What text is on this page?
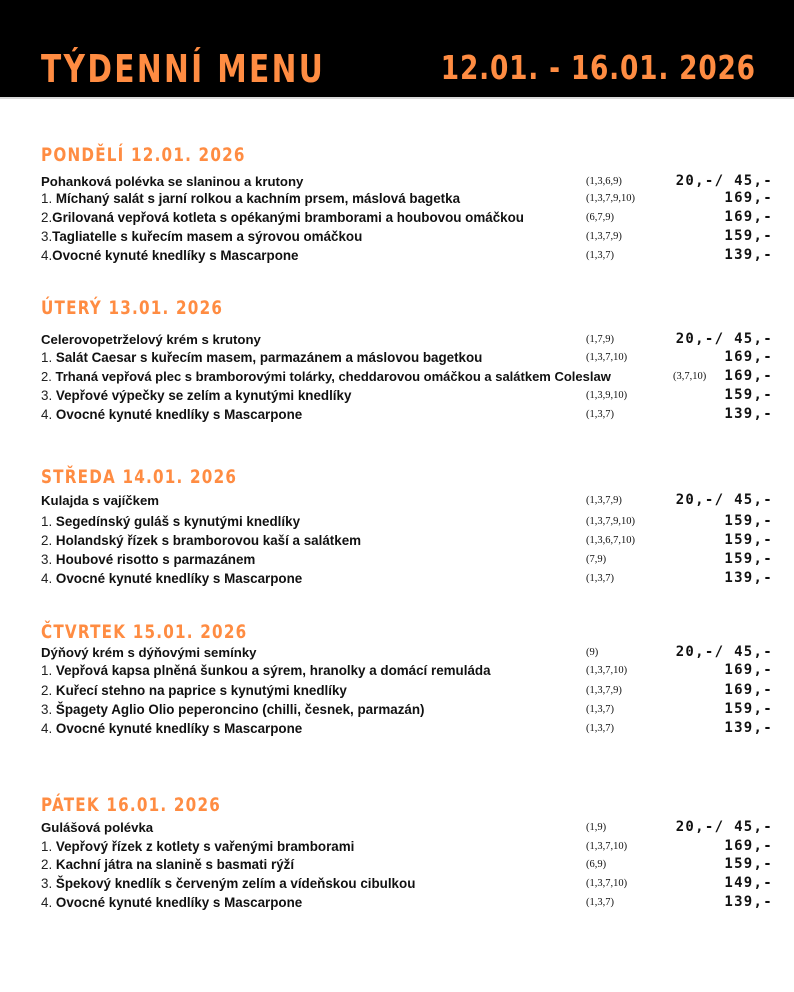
TÝDENNÍ MENU	12.01. - 16.01. 2026
PONDĚLÍ 12.01. 2026
Pohanková polévka se slaninou a krutony	(1,3,6,9)	20,-/ 45,-
1. Míchaný salát s jarní rolkou a kachním prsem, máslová bagetka	(1,3,7,9,10)	169,-
2.Grilovaná vepřová kotleta s opékanými bramborami a houbovou omáčkou	(6,7,9)	169,-
3.Tagliatelle s kuřecím masem a sýrovou omáčkou	(1,3,7,9)	159,-
4.Ovocné kynuté knedlíky s Mascarpone	(1,3,7)	139,-
ÚTERÝ 13.01. 2026
Celerovopetrželový krém s krutony	(1,7,9)	20,-/ 45,-
1. Salát Caesar s kuřecím masem, parmazánem a máslovou bagetkou	(1,3,7,10)	169,-
2. Trhaná vepřová plec s bramborovými tolárky, cheddarovou omáčkou a salátkem Coleslaw	(3,7,10) 169,-
3. Vepřové výpečky se zelím a kynutými knedlíky	(1,3,9,10)	159,-
4. Ovocné kynuté knedlíky s Mascarpone	(1,3,7)	139,-
STŘEDA 14.01. 2026
Kulajda s vajíčkem	(1,3,7,9)	20,-/ 45,-
1. Segedínský guláš s kynutými knedlíky	(1,3,7,9,10)	159,-
2. Holandský řízek s bramborovou kaší a salátkem	(1,3,6,7,10)	159,-
3. Houbové risotto s parmazánem	(7,9)	159,-
4. Ovocné kynuté knedlíky s Mascarpone	(1,3,7)	139,-
ČTVRTEK 15.01. 2026
Dýňový krém s dýňovými semínky	(9)	20,-/ 45,-
1. Vepřová kapsa plněná šunkou a sýrem, hranolky a domácí remuláda	(1,3,7,10)	169,-
2. Kuřecí stehno na paprice s kynutými knedlíky	(1,3,7,9)	169,-
3. Špagety Aglio Olio peperoncino (chilli, česnek, parmazán)	(1,3,7)	159,-
4. Ovocné kynuté knedlíky s Mascarpone	(1,3,7)	139,-
PÁTEK 16.01. 2026
Gulášová polévka	(1,9)	20,-/ 45,-
1. Vepřový řízek z kotlety s vařenými bramborami	(1,3,7,10)	169,-
2. Kachní játra na slanině s basmati rýží	(6,9)	159,-
3. Špekový knedlík s červeným zelím a vídeňskou cibulkou	(1,3,7,10)	149,-
4. Ovocné kynuté knedlíky s Mascarpone	(1,3,7)	139,-
